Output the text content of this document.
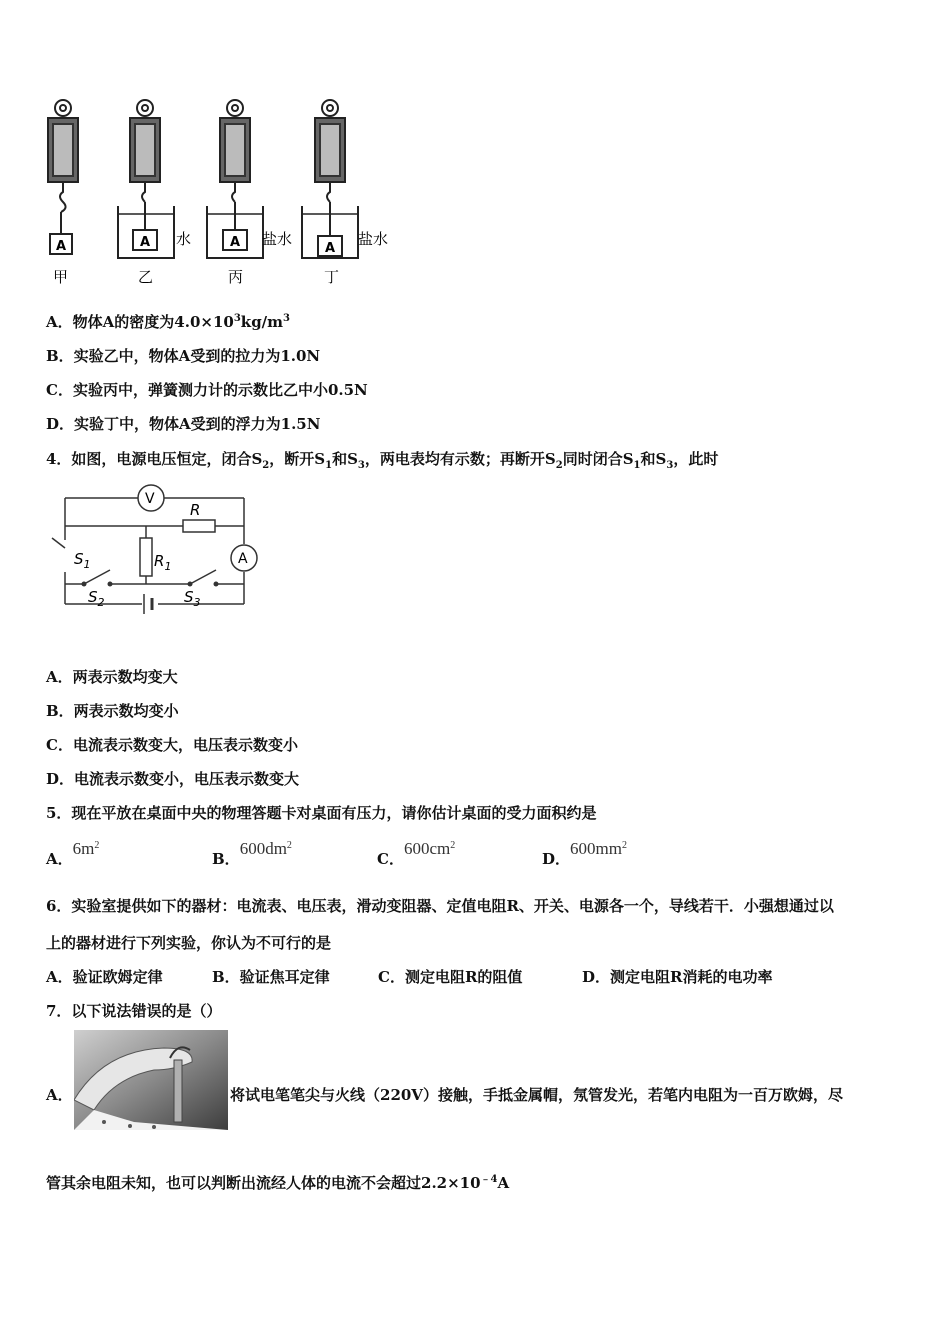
A
甲
A 水
乙
A 盐水
丙
A
盐水
丁
A．物体A的密度为$4.0\times 10^3kg/m^3$
B．实验乙中，物体A受到的拉力为1.0N
C．实验丙中，弹簧测力计的示数比乙中小0.5N
D．实验丁中，物体A受到的浮力为1.5N
4．如图，电源电压恒定，闭合$S_2$，断开$S_1$和$S_3$，两电表均有示数；再断开$S_2$同时闭合$S_1$和$S_3$，此时
V
A
R
$R_1$
$S_1$
$S_2$	$S_3$
A．两表示数均变大
B．两表示数均变小
C．电流表示数变大，电压表示数变小
D．电流表示数变小，电压表示数变大
5．现在平放在桌面中央的物理答题卡对桌面有压力，请你估计桌面的受力面积约是
A．$6m^2$
B．$600dm^2$
C．$600cm^2$
D．$600mm^2$
6．实验室提供如下的器材：电流表、电压表，滑动变阻器、定值电阻R、开关、电源各一个，导线若干．小强想通过以
上的器材进行下列实验，你认为不可行的是
A．验证欧姆定律	B．验证焦耳定律	C．测定电阻R的阻值	D．测定电阻R消耗的电功率
7．以下说法错误的是（）
A．	将试电笔笔尖与火线（220V）接触，手抵金属帽，氖管发光，若笔内电阻为一百万欧姆，尽
管其余电阻未知，也可以判断出流经人体的电流不会超过$2.2\times 10^{﹣4}A$
